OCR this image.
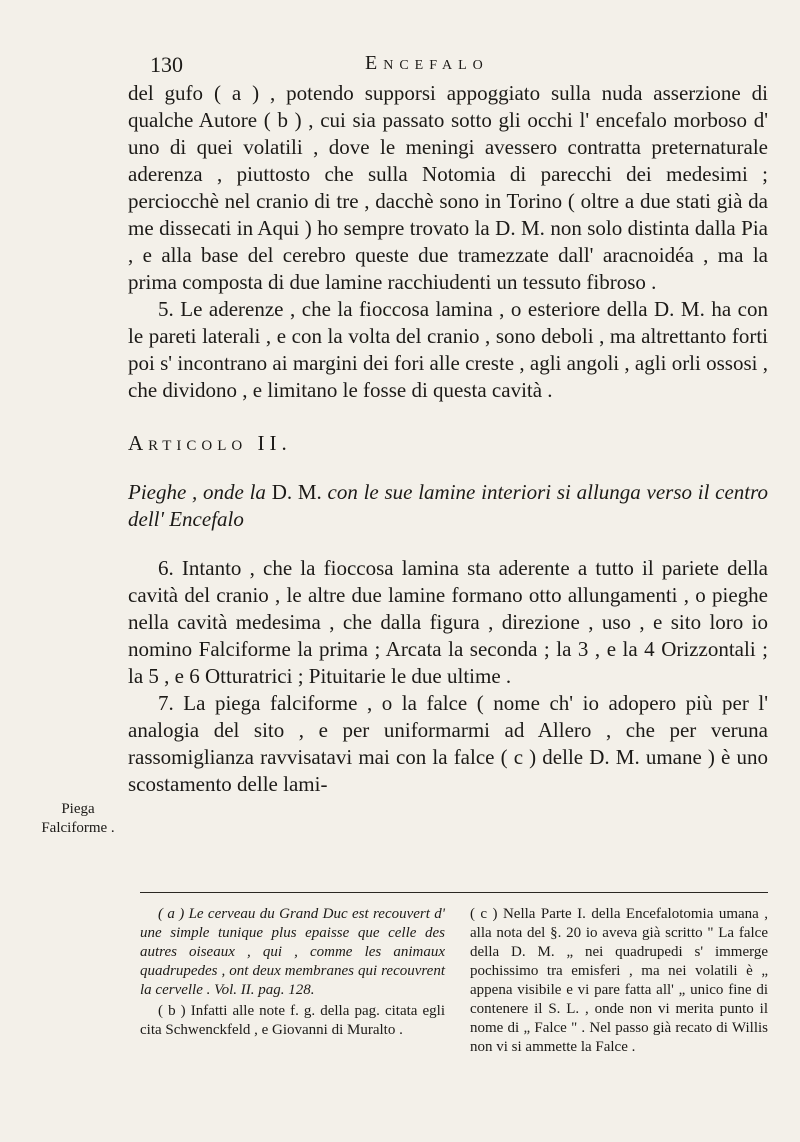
130	Encefalo

del gufo ( a ) , potendo supporsi appoggiato sulla nuda asserzione di qualche Autore ( b ) , cui sia passato sotto gli occhi l' encefalo morboso d' uno di quei volatili , dove le meningi avessero contratta preternaturale aderenza , piuttosto che sulla Notomia di parecchi dei medesimi ; perciocchè nel cranio di tre , dacchè sono in Torino ( oltre a due stati già da me dissecati in Aqui ) ho sempre trovato la D. M. non solo distinta dalla Pia , e alla base del cerebro queste due tramezzate dall' aracnoidéa , ma la prima composta di due lamine racchiudenti un tessuto fibroso .

5. Le aderenze , che la fioccosa lamina , o esteriore della D. M. ha con le pareti laterali , e con la volta del cranio , sono deboli , ma altrettanto forti poi s' incontrano ai margini dei fori alle creste , agli angoli , agli orli ossosi , che dividono , e limitano le fosse di questa cavità .

Articolo II.

Pieghe , onde la D. M. con le sue lamine interiori si allunga verso il centro dell' Encefalo

6. Intanto , che la fioccosa lamina sta aderente a tutto il pariete della cavità del cranio , le altre due lamine formano otto allungamenti , o pieghe nella cavità medesima , che dalla figura , direzione , uso , e sito loro io nomino Falciforme la prima ; Arcata la seconda ; la 3 , e la 4 Orizzontali ; la 5 , e 6 Otturatrici ; Pituitarie le due ultime .

7. La piega falciforme , o la falce ( nome ch' io adopero più per l' analogia del sito , e per uniformarmi ad Allero , che per veruna rassomiglianza ravvisatavi mai con la falce ( c ) delle D. M. umane ) è uno scostamento delle lami-

Piega Falciforme .

( a ) Le cerveau du Grand Duc est recouvert d' une simple tunique plus epaisse que celle des autres oiseaux , qui , comme les animaux quadrupedes , ont deux membranes qui recouvrent la cervelle . Vol. II. pag. 128.

( b ) Infatti alle note f. g. della pag. citata egli cita Schwenckfeld , e Giovanni di Muralto .

( c ) Nella Parte I. della Encefalotomia umana , alla nota del §. 20 io aveva già scritto " La falce della D. M. „ nei quadrupedi s' immerge pochissimo tra emisferi , ma nei volatili è „ appena visibile e vi pare fatta all' „ unico fine di contenere il S. L. , onde non vi merita punto il nome di „ Falce " . Nel passo già recato di Willis non vi si ammette la Falce .
